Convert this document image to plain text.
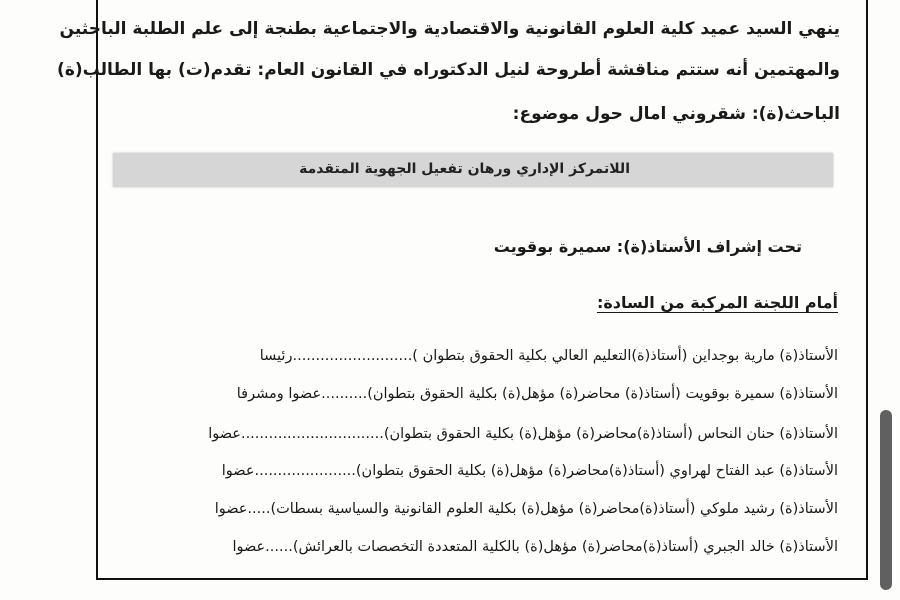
ينهي السيد عميد كلية العلوم القانونية والاقتصادية والاجتماعية بطنجة إلى علم الطلبة الباحثين
والمهتمين أنه ستتم مناقشة أطروحة لنيل الدكتوراه في القانون العام: تقدم(ت) بها الطالب(ة)
الباحث(ة): شقروني امال حول موضوع:
اللاتمركز الإداري ورهان تفعيل الجهوية المتقدمة
تحت إشراف الأستاذ(ة): سميرة بوقويت
أمام اللجنة المركبة من السادة:
الأستاذ(ة) مارية بوجداين (أستاذ(ة)التعليم العالي بكلية الحقوق بتطوان )..........................رئيسا
الأستاذ(ة) سميرة بوقويت (أستاذ(ة) محاضر(ة) مؤهل(ة) بكلية الحقوق بتطوان)..........عضوا ومشرفا
الأستاذ(ة) حنان النحاس (أستاذ(ة)محاضر(ة) مؤهل(ة) بكلية الحقوق بتطوان)...............................عضوا
الأستاذ(ة) عبد الفتاح لهراوي (أستاذ(ة)محاضر(ة) مؤهل(ة) بكلية الحقوق بتطوان)......................عضوا
الأستاذ(ة) رشيد ملوكي (أستاذ(ة)محاضر(ة) مؤهل(ة) بكلية العلوم القانونية والسياسية بسطات).....عضوا
الأستاذ(ة) خالد الجبري (أستاذ(ة)محاضر(ة) مؤهل(ة) بالكلية المتعددة التخصصات بالعرائش)......عضوا
